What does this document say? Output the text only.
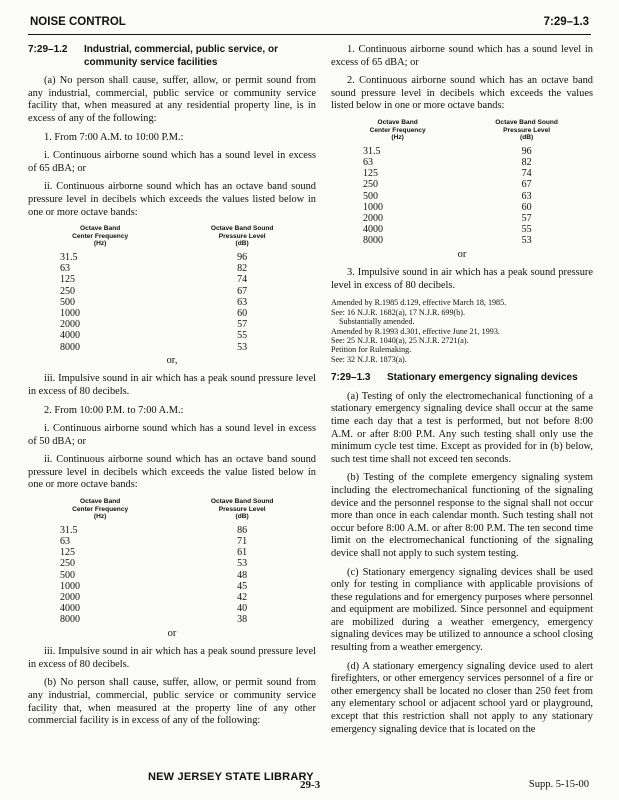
NOISE CONTROL	7:29–1.3
7:29–1.2 Industrial, commercial, public service, or community service facilities

(a) No person shall cause, suffer, allow, or permit sound from any industrial, commercial, public service or community service facility that, when measured at any residential property line, is in excess of any of the following:

1. From 7:00 A.M. to 10:00 P.M.:

i. Continuous airborne sound which has a sound level in excess of 65 dBA; or

ii. Continuous airborne sound which has an octave band sound pressure level in decibels which exceeds the values listed below in one or more octave bands:

Octave Band
Center Frequency
(Hz)	Octave Band Sound
Pressure Level
(dB)
31.5	96
63	82
125	74
250	67
500	63
1000	60
2000	57
4000	55
8000	53

or,

iii. Impulsive sound in air which has a peak sound pressure level in excess of 80 decibels.

2. From 10:00 P.M. to 7:00 A.M.:

i. Continuous airborne sound which has a sound level in excess of 50 dBA; or

ii. Continuous airborne sound which has an octave band sound pressure level in decibels which exceeds the value listed below in one or more octave bands:

Octave Band
Center Frequency
(Hz)	Octave Band Sound
Pressure Level
(dB)
31.5	86
63	71
125	61
250	53
500	48
1000	45
2000	42
4000	40
8000	38

or

iii. Impulsive sound in air which has a peak sound pressure level in excess of 80 decibels.

(b) No person shall cause, suffer, allow, or permit sound from any industrial, commercial, public service or community service facility that, when measured at the property line of any other commercial facility is in excess of any of the following:

1. Continuous airborne sound which has a sound level in excess of 65 dBA; or

2. Continuous airborne sound which has an octave band sound pressure level in decibels which exceeds the values listed below in one or more octave bands:

Octave Band
Center Frequency
(Hz)	Octave Band Sound
Pressure Level
(dB)
31.5	96
63	82
125	74
250	67
500	63
1000	60
2000	57
4000	55
8000	53

or

3. Impulsive sound in air which has a peak sound pressure level in excess of 80 decibels.

Amended by R.1985 d.129, effective March 18, 1985.
See: 16 N.J.R. 1682(a), 17 N.J.R. 699(b).
Substantially amended.
Amended by R.1993 d.301, effective June 21, 1993.
See: 25 N.J.R. 1040(a), 25 N.J.R. 2721(a).
Petition for Rulemaking.
See: 32 N.J.R. 1873(a).
7:29–1.3 Stationary emergency signaling devices

(a) Testing of only the electromechanical functioning of a stationary emergency signaling device shall occur at the same time each day that a test is performed, but not before 8:00 A.M. or after 8:00 P.M. Any such testing shall only use the minimum cycle test time. Except as provided for in (b) below, such test time shall not exceed ten seconds.

(b) Testing of the complete emergency signaling system including the electromechanical functioning of the signaling device and the personnel response to the signal shall not occur more than once in each calendar month. Such testing shall not occur before 8:00 A.M. or after 8:00 P.M. The ten second time limit on the electromechanical functioning of the signaling device shall not apply to such system testing.

(c) Stationary emergency signaling devices shall be used only for testing in compliance with applicable provisions of these regulations and for emergency purposes where personnel and equipment are mobilized. Since personnel and equipment are mobilized during a weather emergency, emergency signaling devices may be utilized to announce a school closing resulting from a weather emergency.

(d) A stationary emergency signaling device used to alert firefighters, or other emergency services personnel of a fire or other emergency shall be located no closer than 250 feet from any elementary school or adjacent school yard or playground, except that this restriction shall not apply to any stationary emergency signaling device that is located on the

NEW JERSEY STATE LIBRARY
29-3	Supp. 5-15-00
